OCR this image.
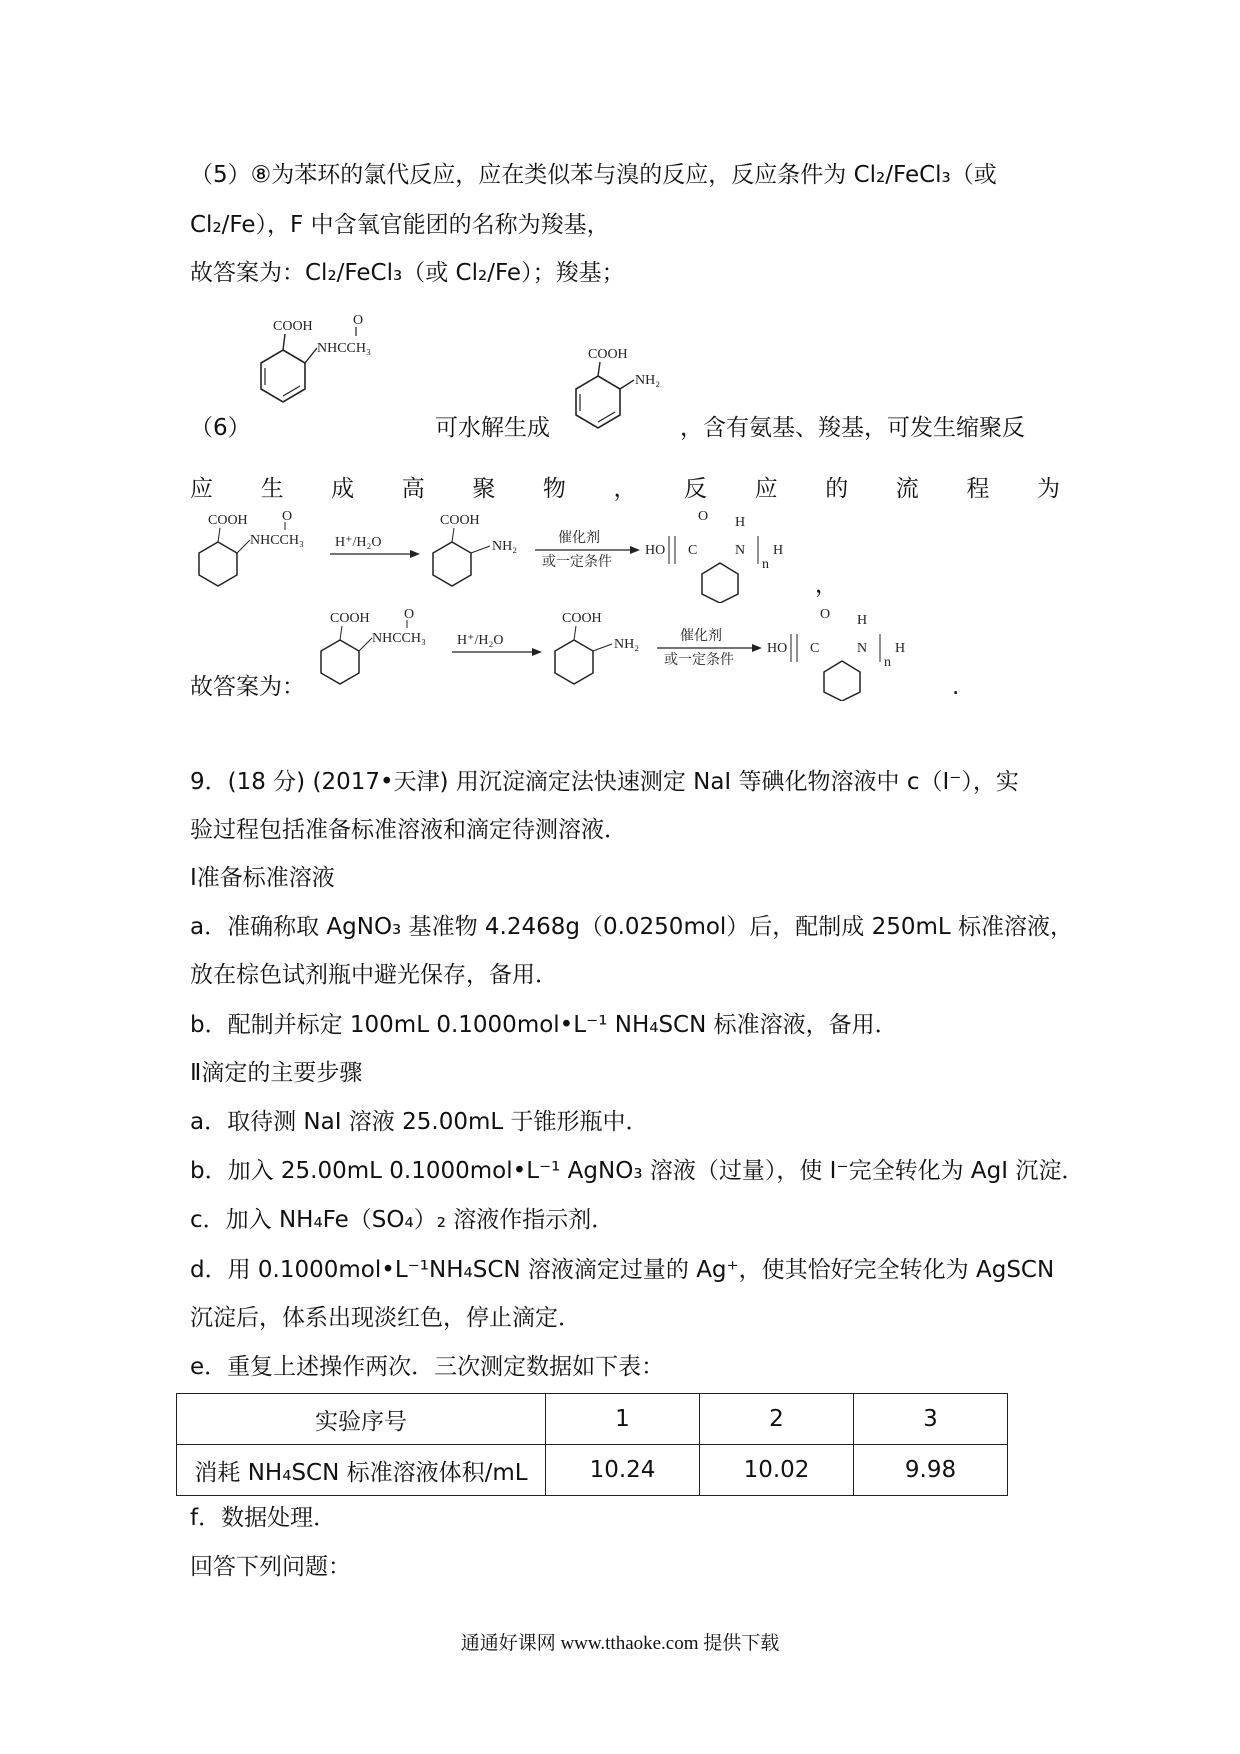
（5）⑧为苯环的氯代反应，应在类似苯与溴的反应，反应条件为 Cl₂/FeCl₃（或
Cl₂/Fe），F 中含氧官能团的名称为羧基，
故答案为：Cl₂/FeCl₃（或 Cl₂/Fe）；羧基；
COOH	O
NHCCH₃	COOH
NH₂
（6）	可水解生成	，含有氨基、羧基，可发生缩聚反
应 生 成 高 聚 物 ， 反 应 的 流 程 为
COOH O
NHCCH₃ H⁺/H₂O
COOH
NH₂
催化剂
或一定条件
HO
O
C
H
N
n
H
，
COOH O
NHCCH₃ H⁺/H₂O
COOH
NH₂
催化剂
或一定条件
HO
O
C
H
N
n
H
故答案为：	.
9．(18 分) (2017•天津) 用沉淀滴定法快速测定 NaI 等碘化物溶液中 c（I⁻），实
验过程包括准备标准溶液和滴定待测溶液．
Ⅰ准备标准溶液
a．准确称取 AgNO₃ 基准物 4.2468g（0.0250mol）后，配制成 250mL 标准溶液，
放在棕色试剂瓶中避光保存，备用．
b．配制并标定 100mL 0.1000mol•L⁻¹ NH₄SCN 标准溶液，备用．
Ⅱ滴定的主要步骤
a．取待测 NaI 溶液 25.00mL 于锥形瓶中．
b．加入 25.00mL 0.1000mol•L⁻¹ AgNO₃ 溶液（过量），使 I⁻完全转化为 AgI 沉淀．
c．加入 NH₄Fe（SO₄）₂ 溶液作指示剂．
d．用 0.1000mol•L⁻¹NH₄SCN 溶液滴定过量的 Ag⁺，使其恰好完全转化为 AgSCN
沉淀后，体系出现淡红色，停止滴定．
e．重复上述操作两次．三次测定数据如下表：
实验序号	1	2	3
消耗 NH₄SCN 标准溶液体积/mL	10.24	10.02	9.98
f．数据处理．
回答下列问题：
通通好课网 www.tthaoke.com 提供下载
